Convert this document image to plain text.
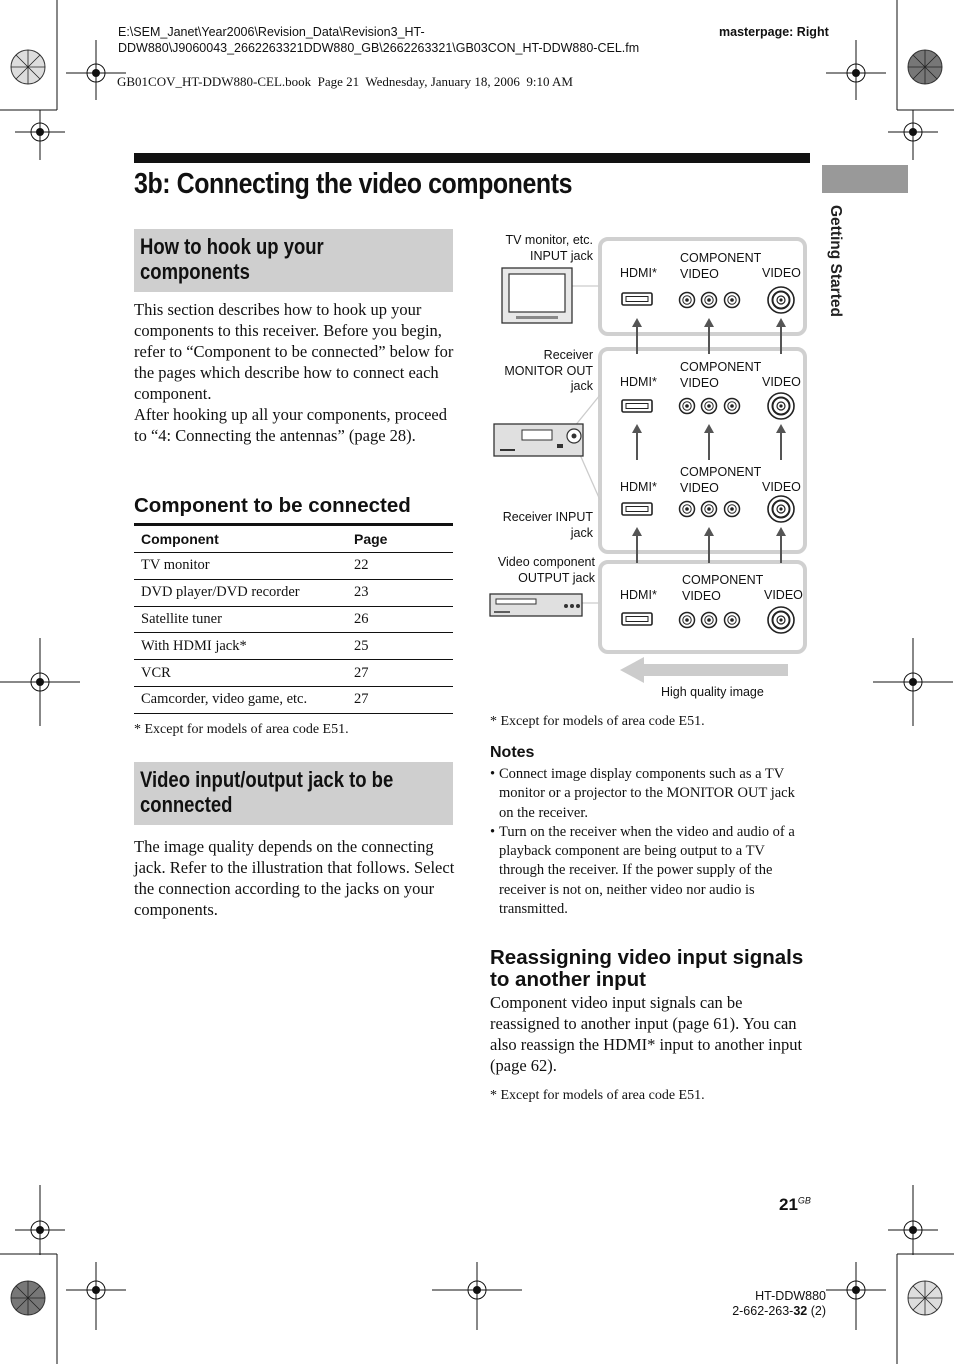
E:\SEM_Janet\Year2006\Revision_Data\Revision3_HT-
DDW880\J9060043_2662263321DDW880_GB\2662263321\GB03CON_HT-DDW880-CEL.fm
masterpage: Right
GB01COV_HT-DDW880-CEL.book  Page 21  Wednesday, January 18, 2006  9:10 AM
3b: Connecting the video components
Getting Started
How to hook up your
components

This section describes how to hook up your components to this receiver. Before you begin, refer to “Component to be connected” below for the pages which describe how to connect each component.

After hooking up all your components, proceed to “4: Connecting the antennas” (page 28).

Component to be connected
Component	Page
TV monitor	22
DVD player/DVD recorder	23
Satellite tuner	26
With HDMI jack*	25
VCR	27
Camcorder, video game, etc.	27
* Except for models of area code E51.
Video input/output jack to be
connected
The image quality depends on the connecting jack. Refer to the illustration that follows. Select the connection according to the jacks on your components.
TV monitor, etc.
INPUT jack
Receiver
MONITOR OUT
jack
Receiver INPUT
jack
Video component
OUTPUT jack
HDMI*
COMPONENT
VIDEO	VIDEO
HDMI*
COMPONENT
VIDEO	VIDEO
HDMI*
COMPONENT
VIDEO	VIDEO
HDMI*
COMPONENT
VIDEO	VIDEO
High quality image
* Except for models of area code E51.
Notes
• Connect image display components such as a TV monitor or a projector to the MONITOR OUT jack on the receiver.
• Turn on the receiver when the video and audio of a playback component are being output to a TV through the receiver. If the power supply of the receiver is not on, neither video nor audio is transmitted.
Reassigning video input signals
to another input
Component video input signals can be reassigned to another input (page 61). You can also reassign the HDMI* input to another input (page 62).
* Except for models of area code E51.
$21^{GB}$
HT-DDW880
2-662-263-32 (2)
